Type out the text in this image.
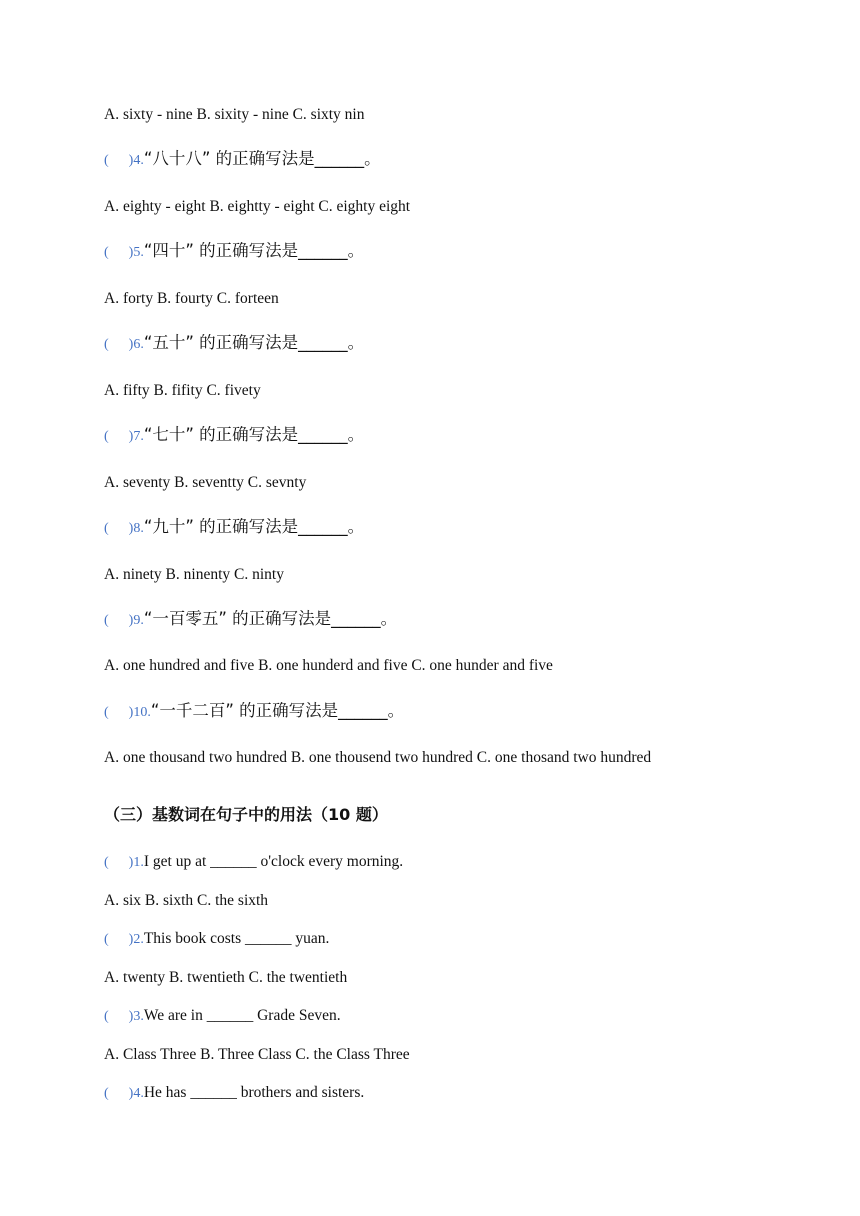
A. sixty - nine B. sixity - nine C. sixty nin
( )4.“八十八” 的正确写法是______。
A. eighty - eight B. eightty - eight C. eighty eight
( )5.“四十” 的正确写法是______。
A. forty B. fourty C. forteen
( )6.“五十” 的正确写法是______。
A. fifty B. fifity C. fivety
( )7.“七十” 的正确写法是______。
A. seventy B. seventty C. sevnty
( )8.“九十” 的正确写法是______。
A. ninety B. ninenty C. ninty
( )9.“一百零五” 的正确写法是______。
A. one hundred and five B. one hunderd and five C. one hunder and five
( )10.“一千二百” 的正确写法是______。
A. one thousand two hundred B. one thousend two hundred C. one thosand two hundred
（三）基数词在句子中的用法（10 题）
( )1.I get up at ______ o'clock every morning.
A. six B. sixth C. the sixth
( )2.This book costs ______ yuan.
A. twenty B. twentieth C. the twentieth
( )3.We are in ______ Grade Seven.
A. Class Three B. Three Class C. the Class Three
( )4.He has ______ brothers and sisters.
